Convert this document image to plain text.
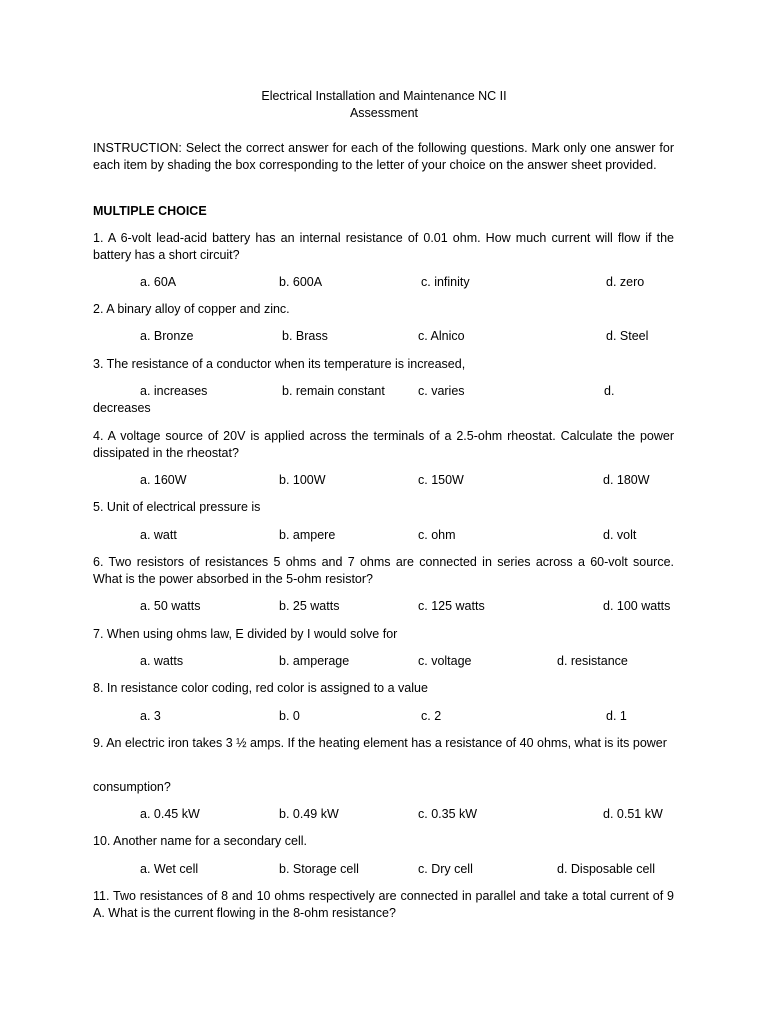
Electrical Installation and Maintenance NC II
Assessment
INSTRUCTION: Select the correct answer for each of the following questions. Mark only one answer for each item by shading the box corresponding to the letter of your choice on the answer sheet provided.
MULTIPLE CHOICE
1. A 6-volt lead-acid battery has an internal resistance of 0.01 ohm. How much current will flow if the battery has a short circuit?
a. 60A	b. 600A	c. infinity	d. zero
2. A binary alloy of copper and zinc.
a. Bronze	b. Brass	c. Alnico	d. Steel
3. The resistance of a conductor when its temperature is increased,
a. increases	b. remain constant	c. varies	d.
decreases
4. A voltage source of 20V is applied across the terminals of a 2.5-ohm rheostat. Calculate the power dissipated in the rheostat?
a. 160W	b. 100W	c. 150W	d. 180W
5. Unit of electrical pressure is
a. watt	b. ampere	c. ohm	d. volt
6. Two resistors of resistances 5 ohms and 7 ohms are connected in series across a 60-volt source. What is the power absorbed in the 5-ohm resistor?
a. 50 watts	b. 25 watts	c. 125 watts	d. 100 watts
7. When using ohms law, E divided by I would solve for
a. watts	b. amperage	c. voltage	d. resistance
8. In resistance color coding, red color is assigned to a value
a. 3	b. 0	c. 2	d. 1
9. An electric iron takes 3 ½ amps. If the heating element has a resistance of 40 ohms, what is its power
consumption?
a. 0.45 kW	b. 0.49 kW	c. 0.35 kW	d. 0.51 kW
10. Another name for a secondary cell.
a. Wet cell	b. Storage cell	c. Dry cell	d. Disposable cell
11. Two resistances of 8 and 10 ohms respectively are connected in parallel and take a total current of 9 A. What is the current flowing in the 8-ohm resistance?
